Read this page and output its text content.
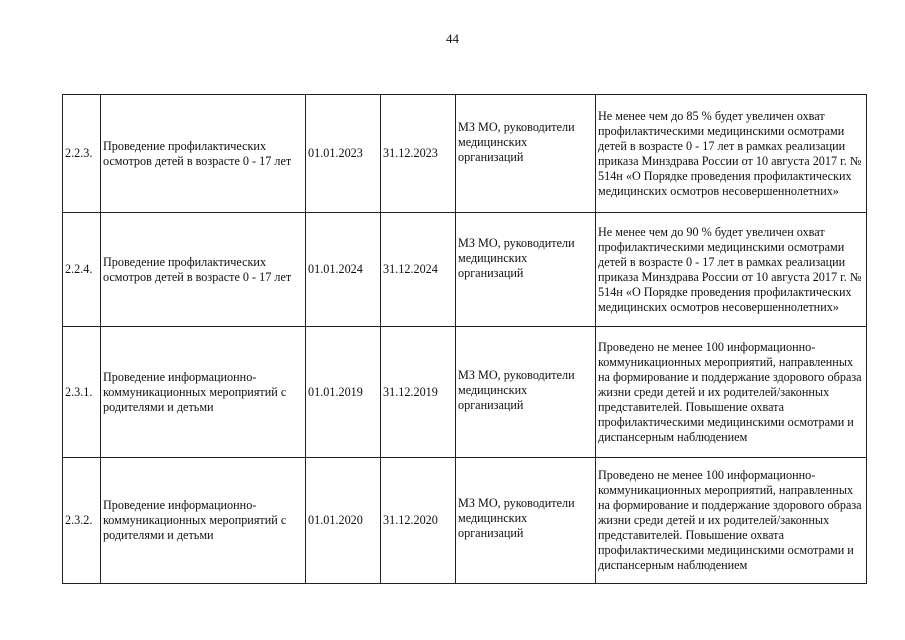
44
2.2.3.	Проведение профилактических осмотров детей в возрасте 0 - 17 лет	01.01.2023	31.12.2023	МЗ МО, руководители медицинских организаций	Не менее чем до 85 % будет увеличен охват профилактическими медицинскими осмотрами детей в возрасте 0 - 17 лет в рамках реализации приказа Минздрава России от 10 августа 2017 г. № 514н «О Порядке проведения профилактических медицинских осмотров несовершеннолетних»
2.2.4.	Проведение профилактических осмотров детей в возрасте 0 - 17 лет	01.01.2024	31.12.2024	МЗ МО, руководители медицинских организаций	Не менее чем до 90 % будет увеличен охват профилактическими медицинскими осмотрами детей в возрасте 0 - 17 лет в рамках реализации приказа Минздрава России от 10 августа 2017 г. № 514н «О Порядке проведения профилактических медицинских осмотров несовершеннолетних»
2.3.1.	Проведение информационно-коммуникационных мероприятий с родителями и детьми	01.01.2019	31.12.2019	МЗ МО, руководители медицинских организаций	Проведено не менее 100 информационно-коммуникационных мероприятий, направленных на формирование и поддержание здорового образа жизни среди детей и их родителей/законных представителей. Повышение охвата профилактическими медицинскими осмотрами и диспансерным наблюдением
2.3.2.	Проведение информационно-коммуникационных мероприятий с родителями и детьми	01.01.2020	31.12.2020	МЗ МО, руководители медицинских организаций	Проведено не менее 100 информационно-коммуникационных мероприятий, направленных на формирование и поддержание здорового образа жизни среди детей и их родителей/законных представителей. Повышение охвата профилактическими медицинскими осмотрами и диспансерным наблюдением
